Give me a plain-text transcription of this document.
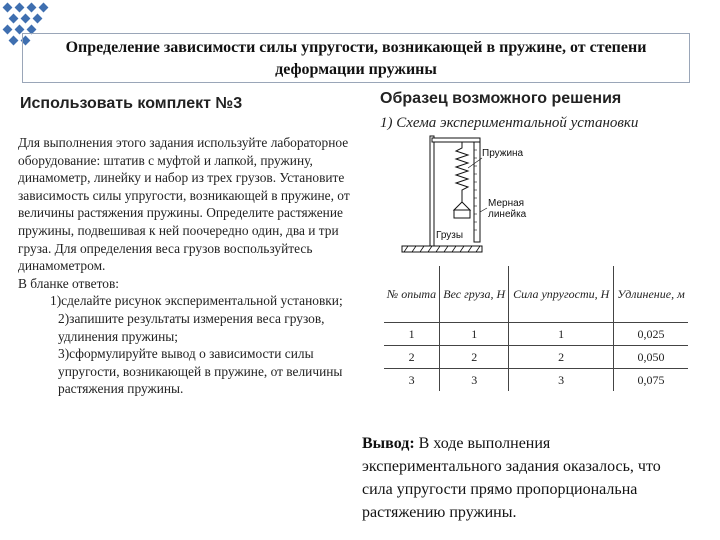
Определение зависимости силы упругости, возникающей в пружине, от степени деформации пружины
Использовать комплект №3	Образец возможного решения
1) Схема экспериментальной установки

Для выполнения этого задания используйте лабораторное оборудование: штатив с муфтой и лапкой, пружину, динамометр, линейку и набор из трех грузов. Установите зависимость силы упругости, возникающей в пружине, от величины растяжения пружины. Определите растяжение пружины, подвешивая к ней поочередно один, два и три груза. Для определения веса грузов воспользуйтесь динамометром.

В бланке ответов:

1)сделайте рисунок экспериментальной установки;

2)запишите результаты измерения веса грузов, удлинения пружины;

3)сформулируйте вывод о зависимости силы упругости, возникающей в пружине, от величины растяжения пружины.

Пружина
Мерная
линейка
Грузы
№ опыта	Вес груза, Н	Сила упругости, Н	Удлинение, м
1	1	1	0,025
2	2	2	0,050
3	3	3	0,075
Вывод: В ходе выполнения экспериментального задания оказалось, что сила упругости прямо пропорциональна растяжению пружины.
